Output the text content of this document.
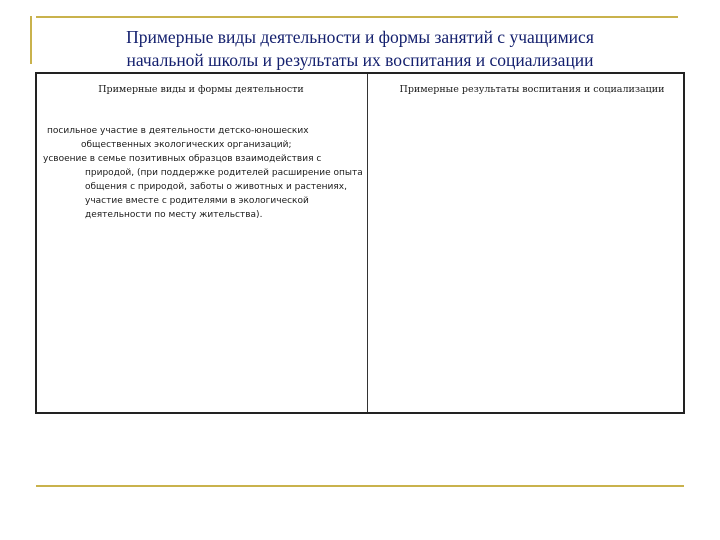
Примерные виды деятельности и формы занятий с учащимися
начальной школы и результаты их воспитания и социализации
Примерные виды и формы деятельности	Примерные результаты воспитания и социализации

посильное участие в деятельности детско-юношеских общественных экологических организаций;

усвоение в семье позитивных образцов взаимодействия с природой, (при поддержке родителей расширение опыта общения с природой, заботы о животных и растениях, участие вместе с родителями в экологической деятельности по месту жительства).
